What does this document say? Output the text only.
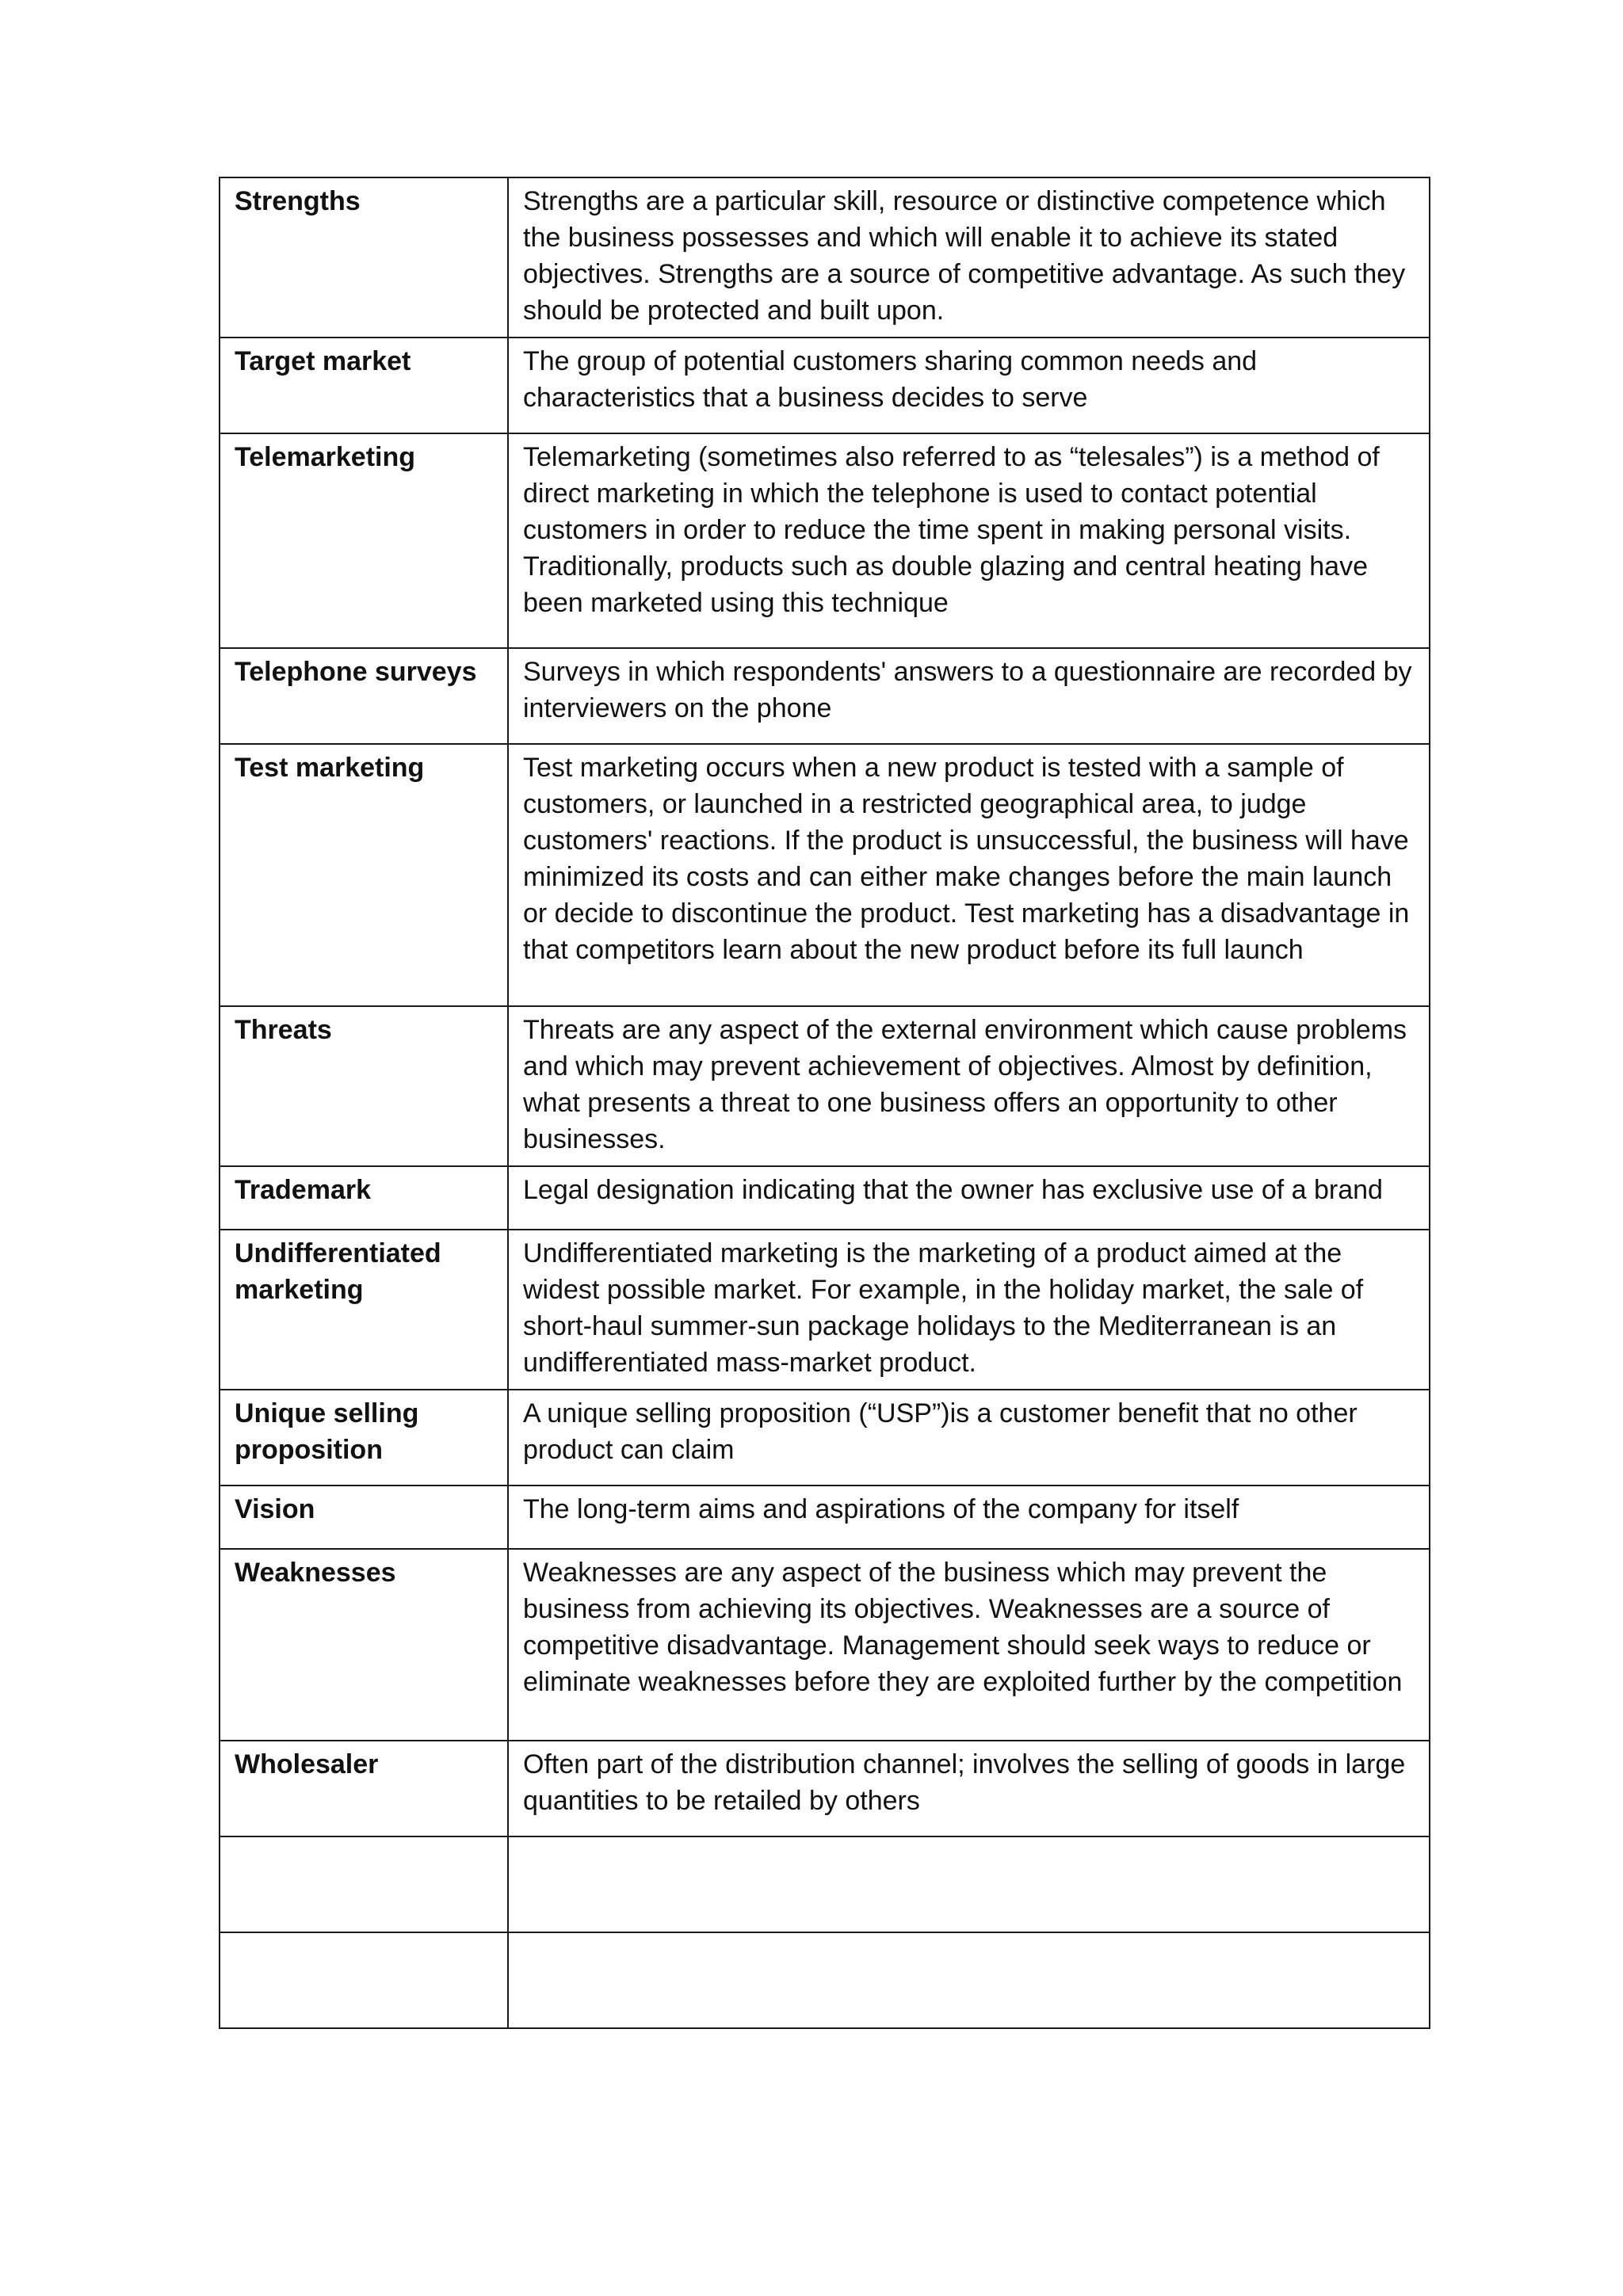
Strengths	Strengths are a particular skill, resource or distinctive competence which the business possesses and which will enable it to achieve its stated objectives. Strengths are a source of competitive advantage. As such they should be protected and built upon.
Target market	The group of potential customers sharing common needs and characteristics that a business decides to serve
Telemarketing	Telemarketing (sometimes also referred to as “telesales”) is a method of direct marketing in which the telephone is used to contact potential customers in order to reduce the time spent in making personal visits. Traditionally, products such as double glazing and central heating have been marketed using this technique
Telephone surveys	Surveys in which respondents' answers to a questionnaire are recorded by interviewers on the phone
Test marketing	Test marketing occurs when a new product is tested with a sample of customers, or launched in a restricted geographical area, to judge customers' reactions. If the product is unsuccessful, the business will have minimized its costs and can either make changes before the main launch or decide to discontinue the product. Test marketing has a disadvantage in that competitors learn about the new product before its full launch
Threats	Threats are any aspect of the external environment which cause problems and which may prevent achievement of objectives. Almost by definition, what presents a threat to one business offers an opportunity to other businesses.
Trademark	Legal designation indicating that the owner has exclusive use of a brand
Undifferentiated marketing	Undifferentiated marketing is the marketing of a product aimed at the widest possible market. For example, in the holiday market, the sale of short-haul summer-sun package holidays to the Mediterranean is an undifferentiated mass-market product.
Unique selling proposition	A unique selling proposition (“USP”)is a customer benefit that no other product can claim
Vision	The long-term aims and aspirations of the company for itself
Weaknesses	Weaknesses are any aspect of the business which may prevent the business from achieving its objectives. Weaknesses are a source of competitive disadvantage. Management should seek ways to reduce or eliminate weaknesses before they are exploited further by the competition
Wholesaler	Often part of the distribution channel; involves the selling of goods in large quantities to be retailed by others
